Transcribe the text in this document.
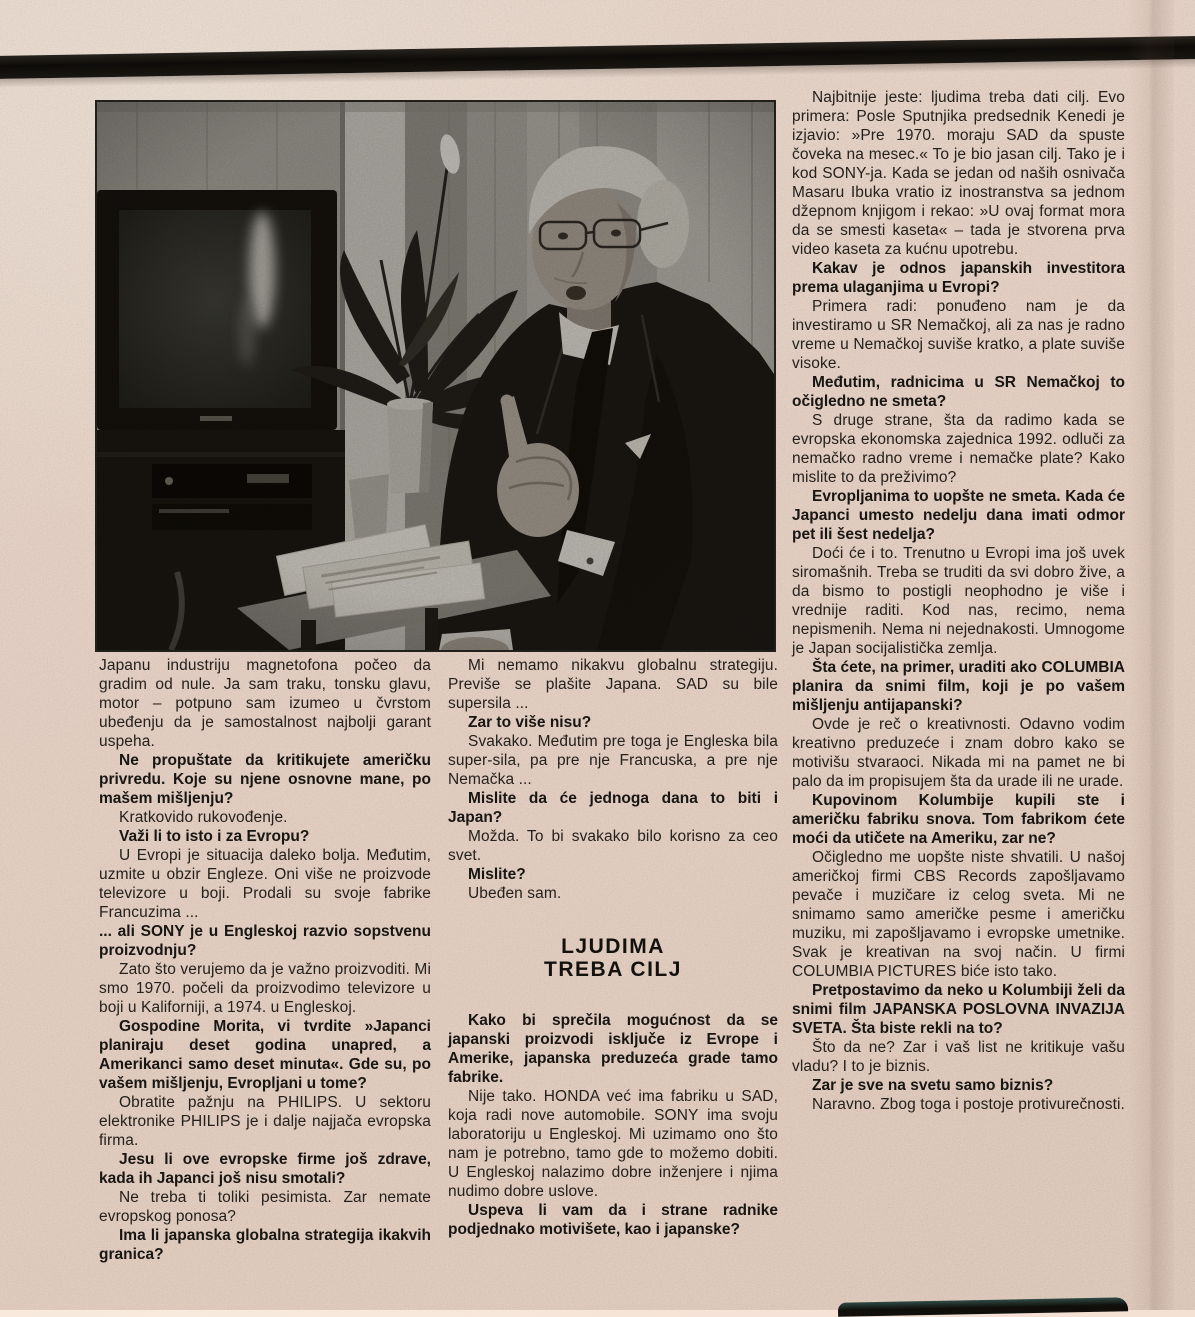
Japanu industriju magnetofona počeo da gradim od nule. Ja sam traku, tonsku glavu, motor – potpuno sam izumeo u čvrstom ubeđenju da je samostalnost najbolji garant uspeha.

Ne propuštate da kritikujete američku privredu. Koje su njene osnovne mane, po mašem mišljenju?

Kratkovido rukovođenje.

Važi li to isto i za Evropu?

U Evropi je situacija daleko bolja. Međutim, uzmite u obzir Engleze. Oni više ne proizvode televizore u boji. Prodali su svoje fabrike Francuzima ...

... ali SONY je u Engleskoj razvio sopstvenu proizvodnju?

Zato što verujemo da je važno proizvoditi. Mi smo 1970. počeli da proizvodimo televizore u boji u Kaliforniji, a 1974. u Engleskoj.

Gospodine Morita, vi tvrdite »Japanci planiraju deset godina unapred, a Amerikanci samo deset minuta«. Gde su, po vašem mišljenju, Evropljani u tome?

Obratite pažnju na PHILIPS. U sektoru elektronike PHILIPS je i dalje najjača evropska firma.

Jesu li ove evropske firme još zdrave, kada ih Japanci još nisu smotali?

Ne treba ti toliki pesimista. Zar nemate evropskog ponosa?

Ima li japanska globalna strategija ikakvih granica?

Mi nemamo nikakvu globalnu strategiju. Previše se plašite Japana. SAD su bile supersila ...

Zar to više nisu?

Svakako. Međutim pre toga je Engleska bila super-sila, pa pre nje Francuska, a pre nje Nemačka ...

Mislite da će jednoga dana to biti i Japan?

Možda. To bi svakako bilo korisno za ceo svet.

Mislite?

Ubeđen sam.

LJUDIMA
TREBA CILJ

Kako bi sprečila mogućnost da se japanski proizvodi isključe iz Evrope i Amerike, japanska preduzeća grade tamo fabrike.

Nije tako. HONDA već ima fabriku u SAD, koja radi nove automobile. SONY ima svoju laboratoriju u Engleskoj. Mi uzimamo ono što nam je potrebno, tamo gde to možemo dobiti. U Engleskoj nalazimo dobre inženjere i njima nudimo dobre uslove.

Uspeva li vam da i strane radnike podjednako motivišete, kao i japanske?

Najbitnije jeste: ljudima treba dati cilj. Evo primera: Posle Sputnjika predsednik Kenedi je izjavio: »Pre 1970. moraju SAD da spuste čoveka na mesec.« To je bio jasan cilj. Tako je i kod SONY-ja. Kada se jedan od naših osnivača Masaru Ibuka vratio iz inostranstva sa jednom džepnom knjigom i rekao: »U ovaj format mora da se smesti kaseta« – tada je stvorena prva video kaseta za kućnu upotrebu.

Kakav je odnos japanskih investitora prema ulaganjima u Evropi?

Primera radi: ponuđeno nam je da investiramo u SR Nemačkoj, ali za nas je radno vreme u Nemačkoj suviše kratko, a plate suviše visoke.

Međutim, radnicima u SR Nemačkoj to očigledno ne smeta?

S druge strane, šta da radimo kada se evropska ekonomska zajednica 1992. odluči za nemačko radno vreme i nemačke plate? Kako mislite to da preživimo?

Evropljanima to uopšte ne smeta. Kada će Japanci umesto nedelju dana imati odmor pet ili šest nedelja?

Doći će i to. Trenutno u Evropi ima još uvek siromašnih. Treba se truditi da svi dobro žive, a da bismo to postigli neophodno je više i vrednije raditi. Kod nas, recimo, nema nepismenih. Nema ni nejednakosti. Umnogome je Japan socijalistička zemlja.

Šta ćete, na primer, uraditi ako COLUMBIA planira da snimi film, koji je po vašem mišljenju antijapanski?

Ovde je reč o kreativnosti. Odavno vodim kreativno preduzeće i znam dobro kako se motivišu stvaraoci. Nikada mi na pamet ne bi palo da im propisujem šta da urade ili ne urade.

Kupovinom Kolumbije kupili ste i američku fabriku snova. Tom fabrikom ćete moći da utičete na Ameriku, zar ne?

Očigledno me uopšte niste shvatili. U našoj američkoj firmi CBS Records zapošljavamo pevače i muzičare iz celog sveta. Mi ne snimamo samo američke pesme i američku muziku, mi zapošljavamo i evropske umetnike. Svak je kreativan na svoj način. U firmi COLUMBIA PICTURES biće isto tako.

Pretpostavimo da neko u Kolumbiji želi da snimi film JAPANSKA POSLOVNA INVAZIJA SVETA. Šta biste rekli na to?

Što da ne? Zar i vaš list ne kritikuje vašu vladu? I to je biznis.

Zar je sve na svetu samo biznis?

Naravno. Zbog toga i postoje protivurečnosti.
